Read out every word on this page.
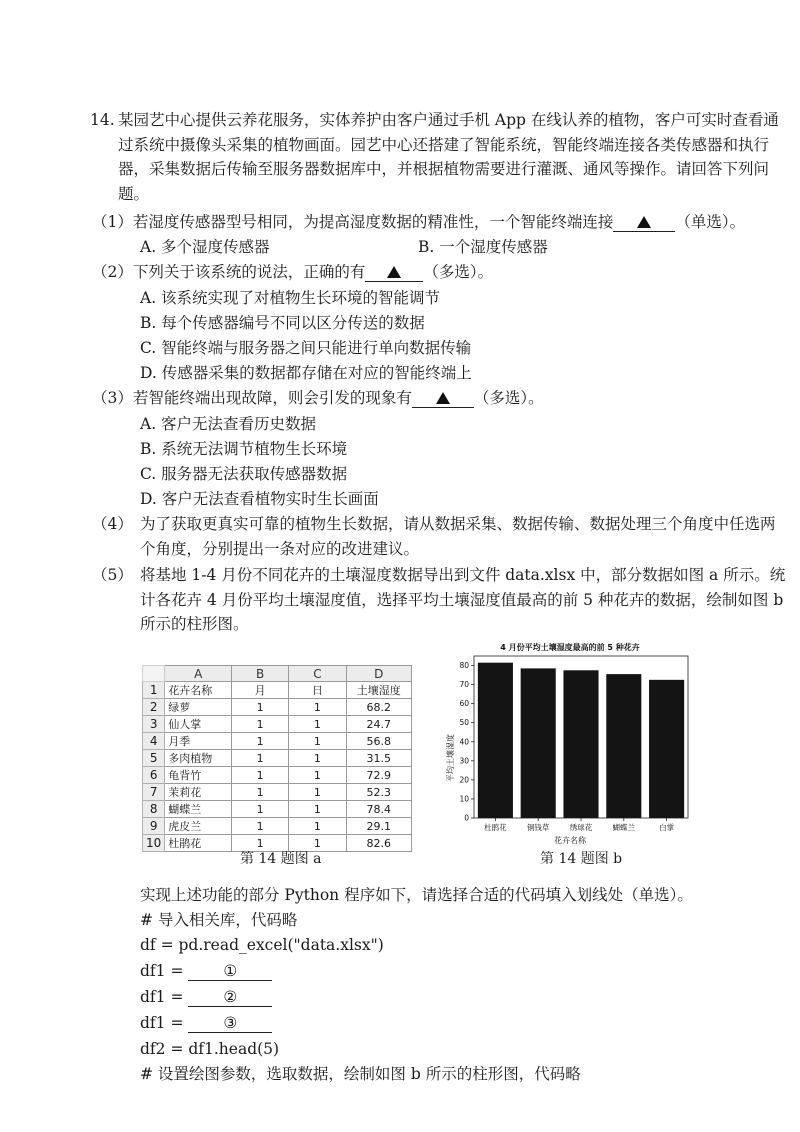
14. 某园艺中心提供云养花服务，实体养护由客户通过手机 App 在线认养的植物，客户可实时查看通过系统中摄像头采集的植物画面。园艺中心还搭建了智能系统，智能终端连接各类传感器和执行器，采集数据后传输至服务器数据库中，并根据植物需要进行灌溉、通风等操作。请回答下列问题。
（1）若湿度传感器型号相同，为提高湿度数据的精准性，一个智能终端连接	（单选）。
A. 多个湿度传感器	B. 一个湿度传感器
（2）下列关于该系统的说法，正确的有	（多选）。
A. 该系统实现了对植物生长环境的智能调节
B. 每个传感器编号不同以区分传送的数据
C. 智能终端与服务器之间只能进行单向数据传输
D. 传感器采集的数据都存储在对应的智能终端上
（3）若智能终端出现故障，则会引发的现象有	（多选）。
A. 客户无法查看历史数据
B. 系统无法调节植物生长环境
C. 服务器无法获取传感器数据
D. 客户无法查看植物实时生长画面
（4） 为了获取更真实可靠的植物生长数据，请从数据采集、数据传输、数据处理三个角度中任选两个角度，分别提出一条对应的改进建议。
（5） 将基地 1-4 月份不同花卉的土壤湿度数据导出到文件 data.xlsx 中，部分数据如图 a 所示。统计各花卉 4 月份平均土壤湿度值，选择平均土壤湿度值最高的前 5 种花卉的数据，绘制如图 b 所示的柱形图。
	A	B	C	D
1	花卉名称	月	日	土壤湿度
2	绿萝	1	1	68.2
3	仙人掌	1	1	24.7
4	月季	1	1	56.8
5	多肉植物	1	1	31.5
6	龟背竹	1	1	72.9
7	茉莉花	1	1	52.3
8	蝴蝶兰	1	1	78.4
9	虎皮兰	1	1	29.1
10	杜鹃花	1	1	82.6
第 14 题图 a
4 月份平均土壤湿度最高的前 5 种花卉
0
10
20
30
40
50
60
70
80
杜鹃花	铜钱草	绣球花	蝴蝶兰	白掌
花卉名称
平均土壤湿度
第 14 题图 b
实现上述功能的部分 Python 程序如下，请选择合适的代码填入划线处（单选）。
# 导入相关库，代码略
df = pd.read_excel("data.xlsx")
df1 = ①
df1 = ②
df1 = ③
df2 = df1.head(5)
# 设置绘图参数，选取数据，绘制如图 b 所示的柱形图，代码略
